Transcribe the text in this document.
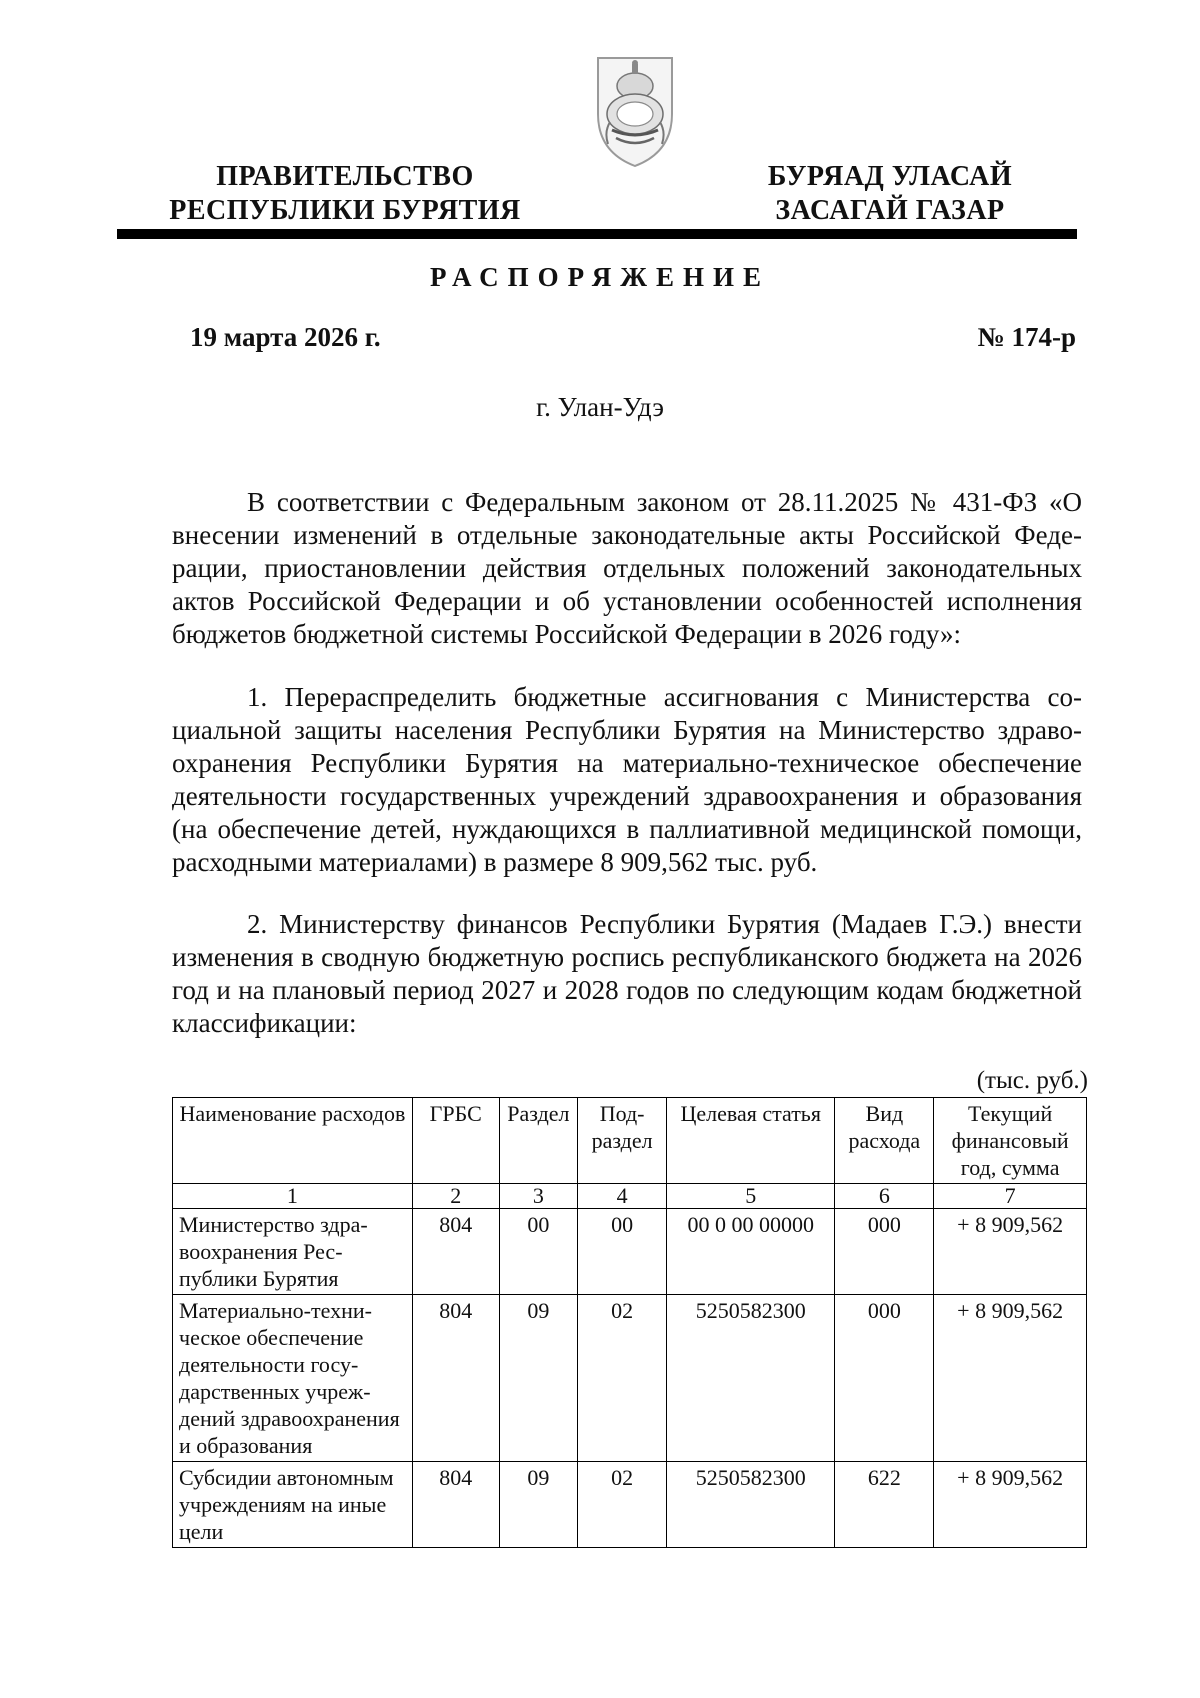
ПРАВИТЕЛЬСТВО
РЕСПУБЛИКИ БУРЯТИЯ
БУРЯАД УЛАСАЙ
ЗАСАГАЙ ГАЗАР
РАСПОРЯЖЕНИЕ
19 марта 2026 г.	№ 174-р
г. Улан-Удэ

В соответствии с Федеральным законом от 28.11.2025 № 431-ФЗ «О внесении изменений в отдельные законодательные акты Российской Федерации, приостановлении действия отдельных положений законодательных актов Российской Федерации и об установлении особенностей исполнения бюджетов бюджетной системы Российской Федерации в 2026 году»:

1. Перераспределить бюджетные ассигнования с Министерства социальной защиты населения Республики Бурятия на Министерство здравоохранения Республики Бурятия на материально-техническое обеспечение деятельности государственных учреждений здравоохранения и образования (на обеспечение детей, нуждающихся в паллиативной медицинской помощи, расходными материалами) в размере 8 909,562 тыс. руб.

2. Министерству финансов Республики Бурятия (Мадаев Г.Э.) внести изменения в сводную бюджетную роспись республиканского бюджета на 2026 год и на плановый период 2027 и 2028 годов по следующим кодам бюджетной классификации:

(тыс. руб.)
Наименование расходов	ГРБС	Раздел	Подраздел	Целевая статья	Вид расхода	Текущий финансовый год, сумма
1	2	3	4	5	6	7
Министерство здравоохранения Республики Бурятия	804	00	00	00 0 00 00000	000	+ 8 909,562
Материально-техническое обеспечение деятельности государственных учреждений здравоохранения и образования	804	09	02	5250582300	000	+ 8 909,562
Субсидии автономным учреждениям на иные цели	804	09	02	5250582300	622	+ 8 909,562
